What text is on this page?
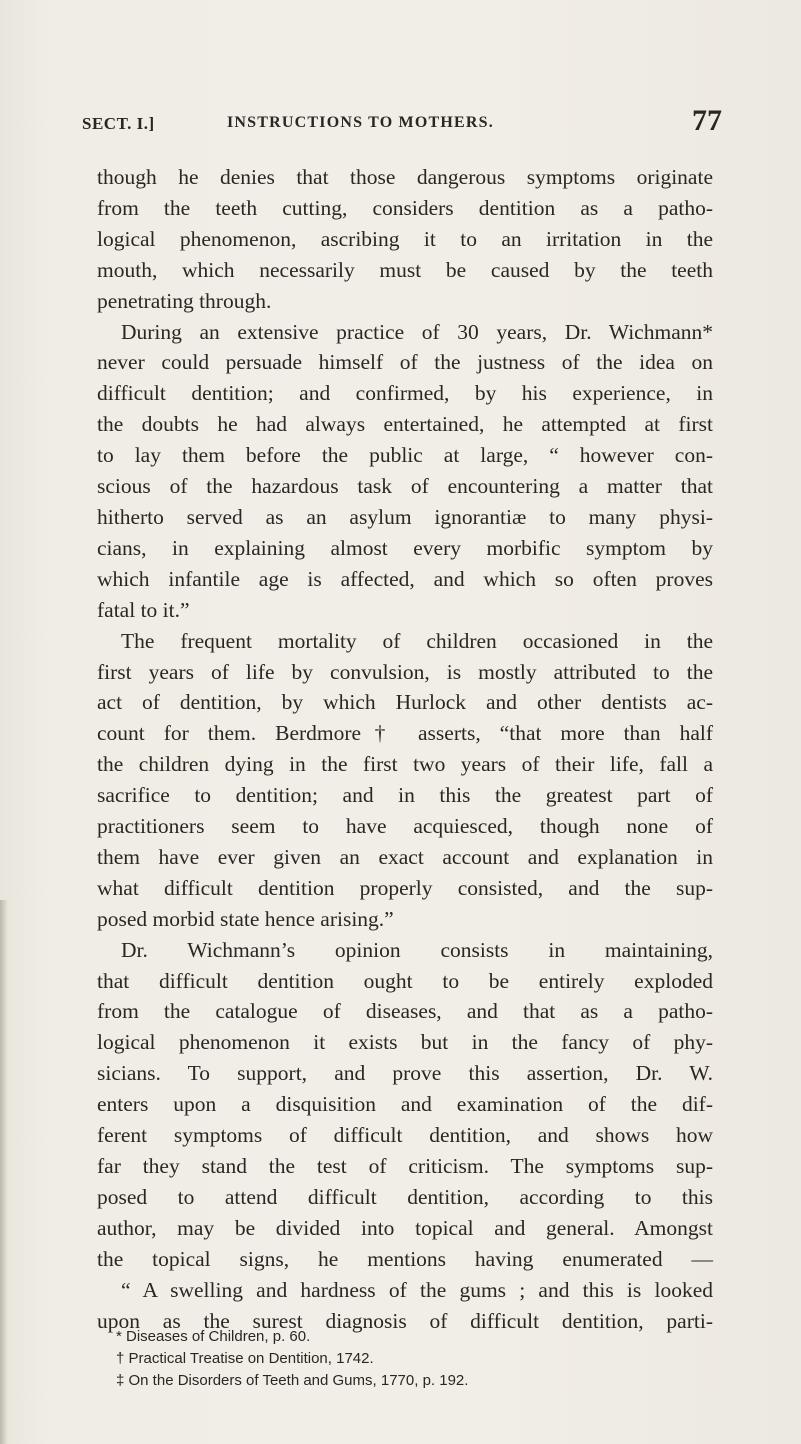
SECT. I.]	INSTRUCTIONS TO MOTHERS.	77
though he denies that those dangerous symptoms originate
from the teeth cutting, considers dentition as a patho-
logical phenomenon, ascribing it to an irritation in the
mouth, which necessarily must be caused by the teeth
penetrating through.
During an extensive practice of 30 years, Dr. Wichmann*
never could persuade himself of the justness of the idea on
difficult dentition; and confirmed, by his experience, in
the doubts he had always entertained, he attempted at first
to lay them before the public at large, “ however con-
scious of the hazardous task of encountering a matter that
hitherto served as an asylum ignorantiæ to many physi-
cians, in explaining almost every morbific symptom by
which infantile age is affected, and which so often proves
fatal to it.”
The frequent mortality of children occasioned in the
first years of life by convulsion, is mostly attributed to the
act of dentition, by which Hurlock and other dentists ac-
count for them. Berdmore† asserts, “that more than half
the children dying in the first two years of their life, fall a
sacrifice to dentition; and in this the greatest part of
practitioners seem to have acquiesced, though none of
them have ever given an exact account and explanation in
what difficult dentition properly consisted, and the sup-
posed morbid state hence arising.”
Dr. Wichmann’s opinion consists in maintaining,
that difficult dentition ought to be entirely exploded
from the catalogue of diseases, and that as a patho-
logical phenomenon it exists but in the fancy of phy-
sicians. To support, and prove this assertion, Dr. W.
enters upon a disquisition and examination of the dif-
ferent symptoms of difficult dentition, and shows how
far they stand the test of criticism. The symptoms sup-
posed to attend difficult dentition, according to this
author, may be divided into topical and general. Amongst
the topical signs, he mentions having enumerated —
“ A swelling and hardness of the gums ; and this is looked
upon as the surest diagnosis of difficult dentition, parti-
* Diseases of Children, p. 60.
† Practical Treatise on Dentition, 1742.
‡ On the Disorders of Teeth and Gums, 1770, p. 192.
